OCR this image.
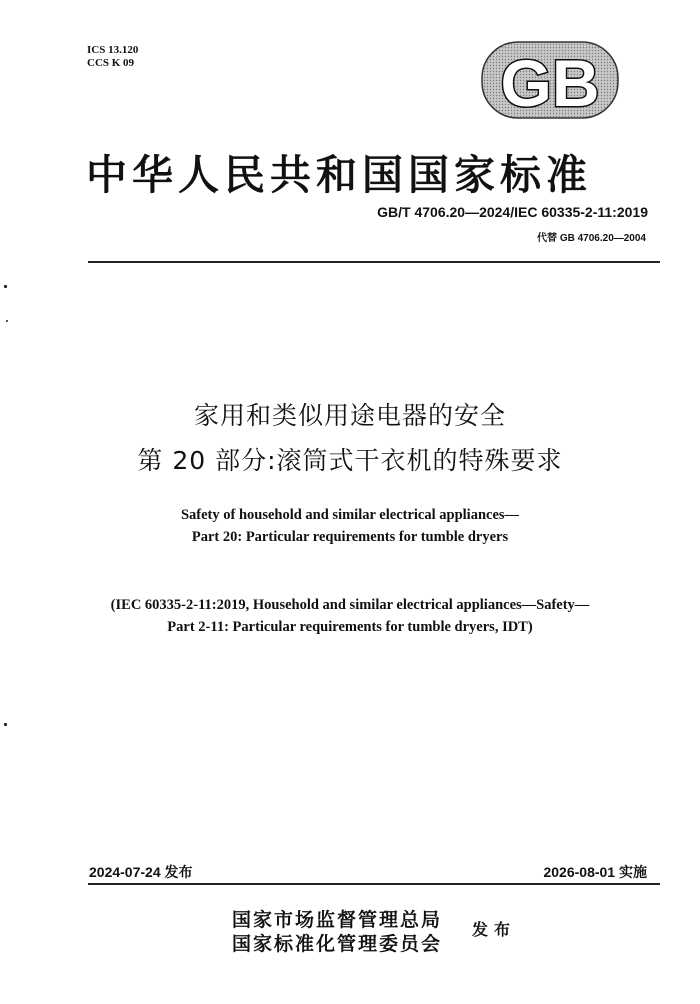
ICS 13.120
CCS K 09	GB
中华人民共和国国家标准
GB/T 4706.20—2024/IEC 60335-2-11:2019
代替 GB 4706.20—2004
家用和类似用途电器的安全
第 20 部分:滚筒式干衣机的特殊要求
Safety of household and similar electrical appliances—
Part 20: Particular requirements for tumble dryers
(IEC 60335-2-11:2019, Household and similar electrical appliances—Safety—
Part 2-11: Particular requirements for tumble dryers, IDT)
2024-07-24 发布	2026-08-01 实施
国家市场监督管理总局
国家标准化管理委员会
发布
